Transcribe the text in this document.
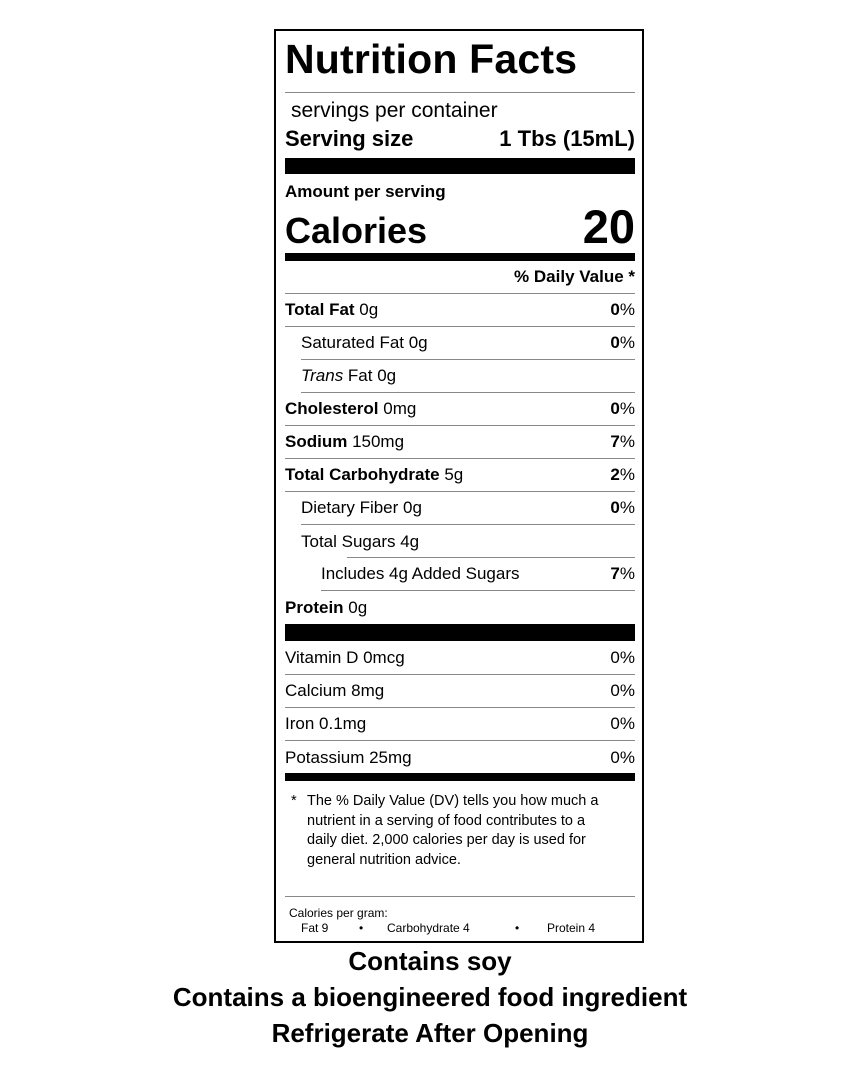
Nutrition Facts
servings per container
Serving size	1 Tbs (15mL)
Amount per serving
Calories	20
% Daily Value *
Total Fat 0g	0%
Saturated Fat 0g	0%
Trans Fat 0g
Cholesterol 0mg	0%
Sodium 150mg	7%
Total Carbohydrate 5g	2%
Dietary Fiber 0g	0%
Total Sugars 4g
Includes 4g Added Sugars	7%
Protein 0g
Vitamin D 0mcg	0%
Calcium 8mg	0%
Iron 0.1mg	0%
Potassium 25mg	0%
* The % Daily Value (DV) tells you how much a nutrient in a serving of food contributes to a daily diet. 2,000 calories per day is used for general nutrition advice.
Calories per gram:
Fat 9	•	Carbohydrate 4	•	Protein 4
Contains soy
Contains a bioengineered food ingredient
Refrigerate After Opening
